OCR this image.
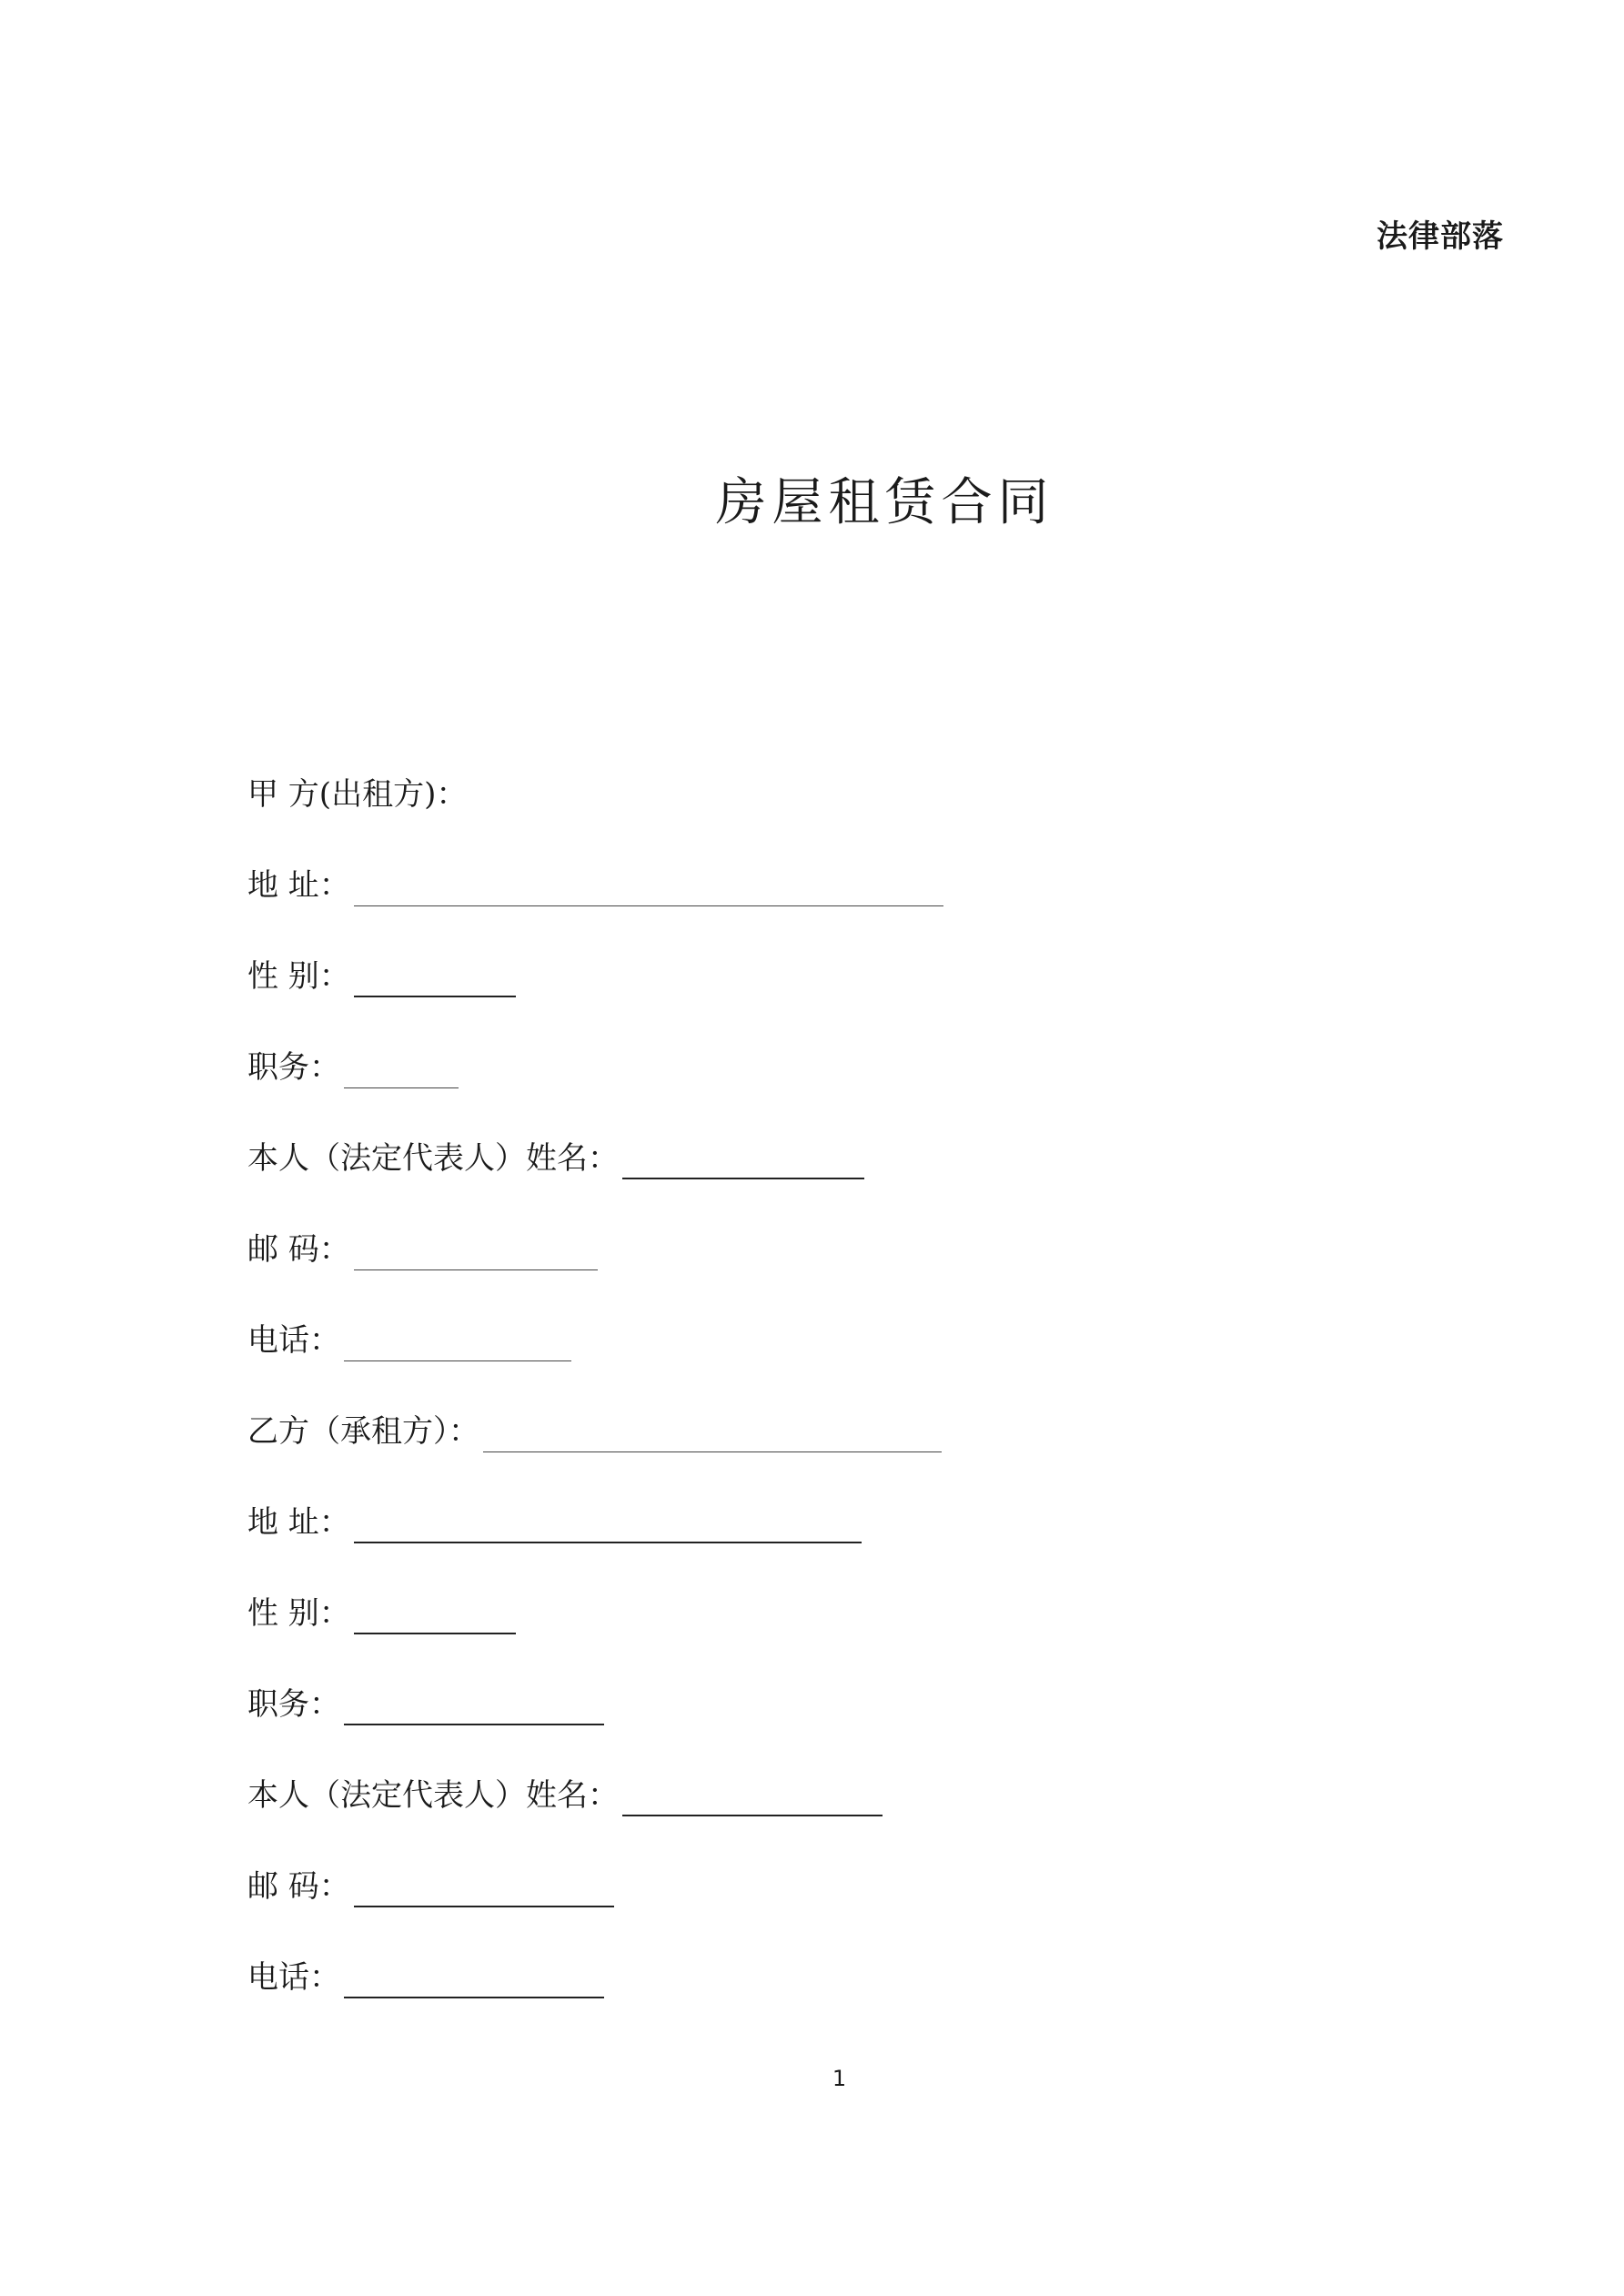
法律部落
房屋租赁合同
甲 方(出租方)：
地 址：
性 别：
职务：
本人（法定代表人）姓名：
邮 码：
电话：
乙方（承租方）：
地 址：
性 别：
职务：
本人（法定代表人）姓名：
邮 码：
电话：
1
